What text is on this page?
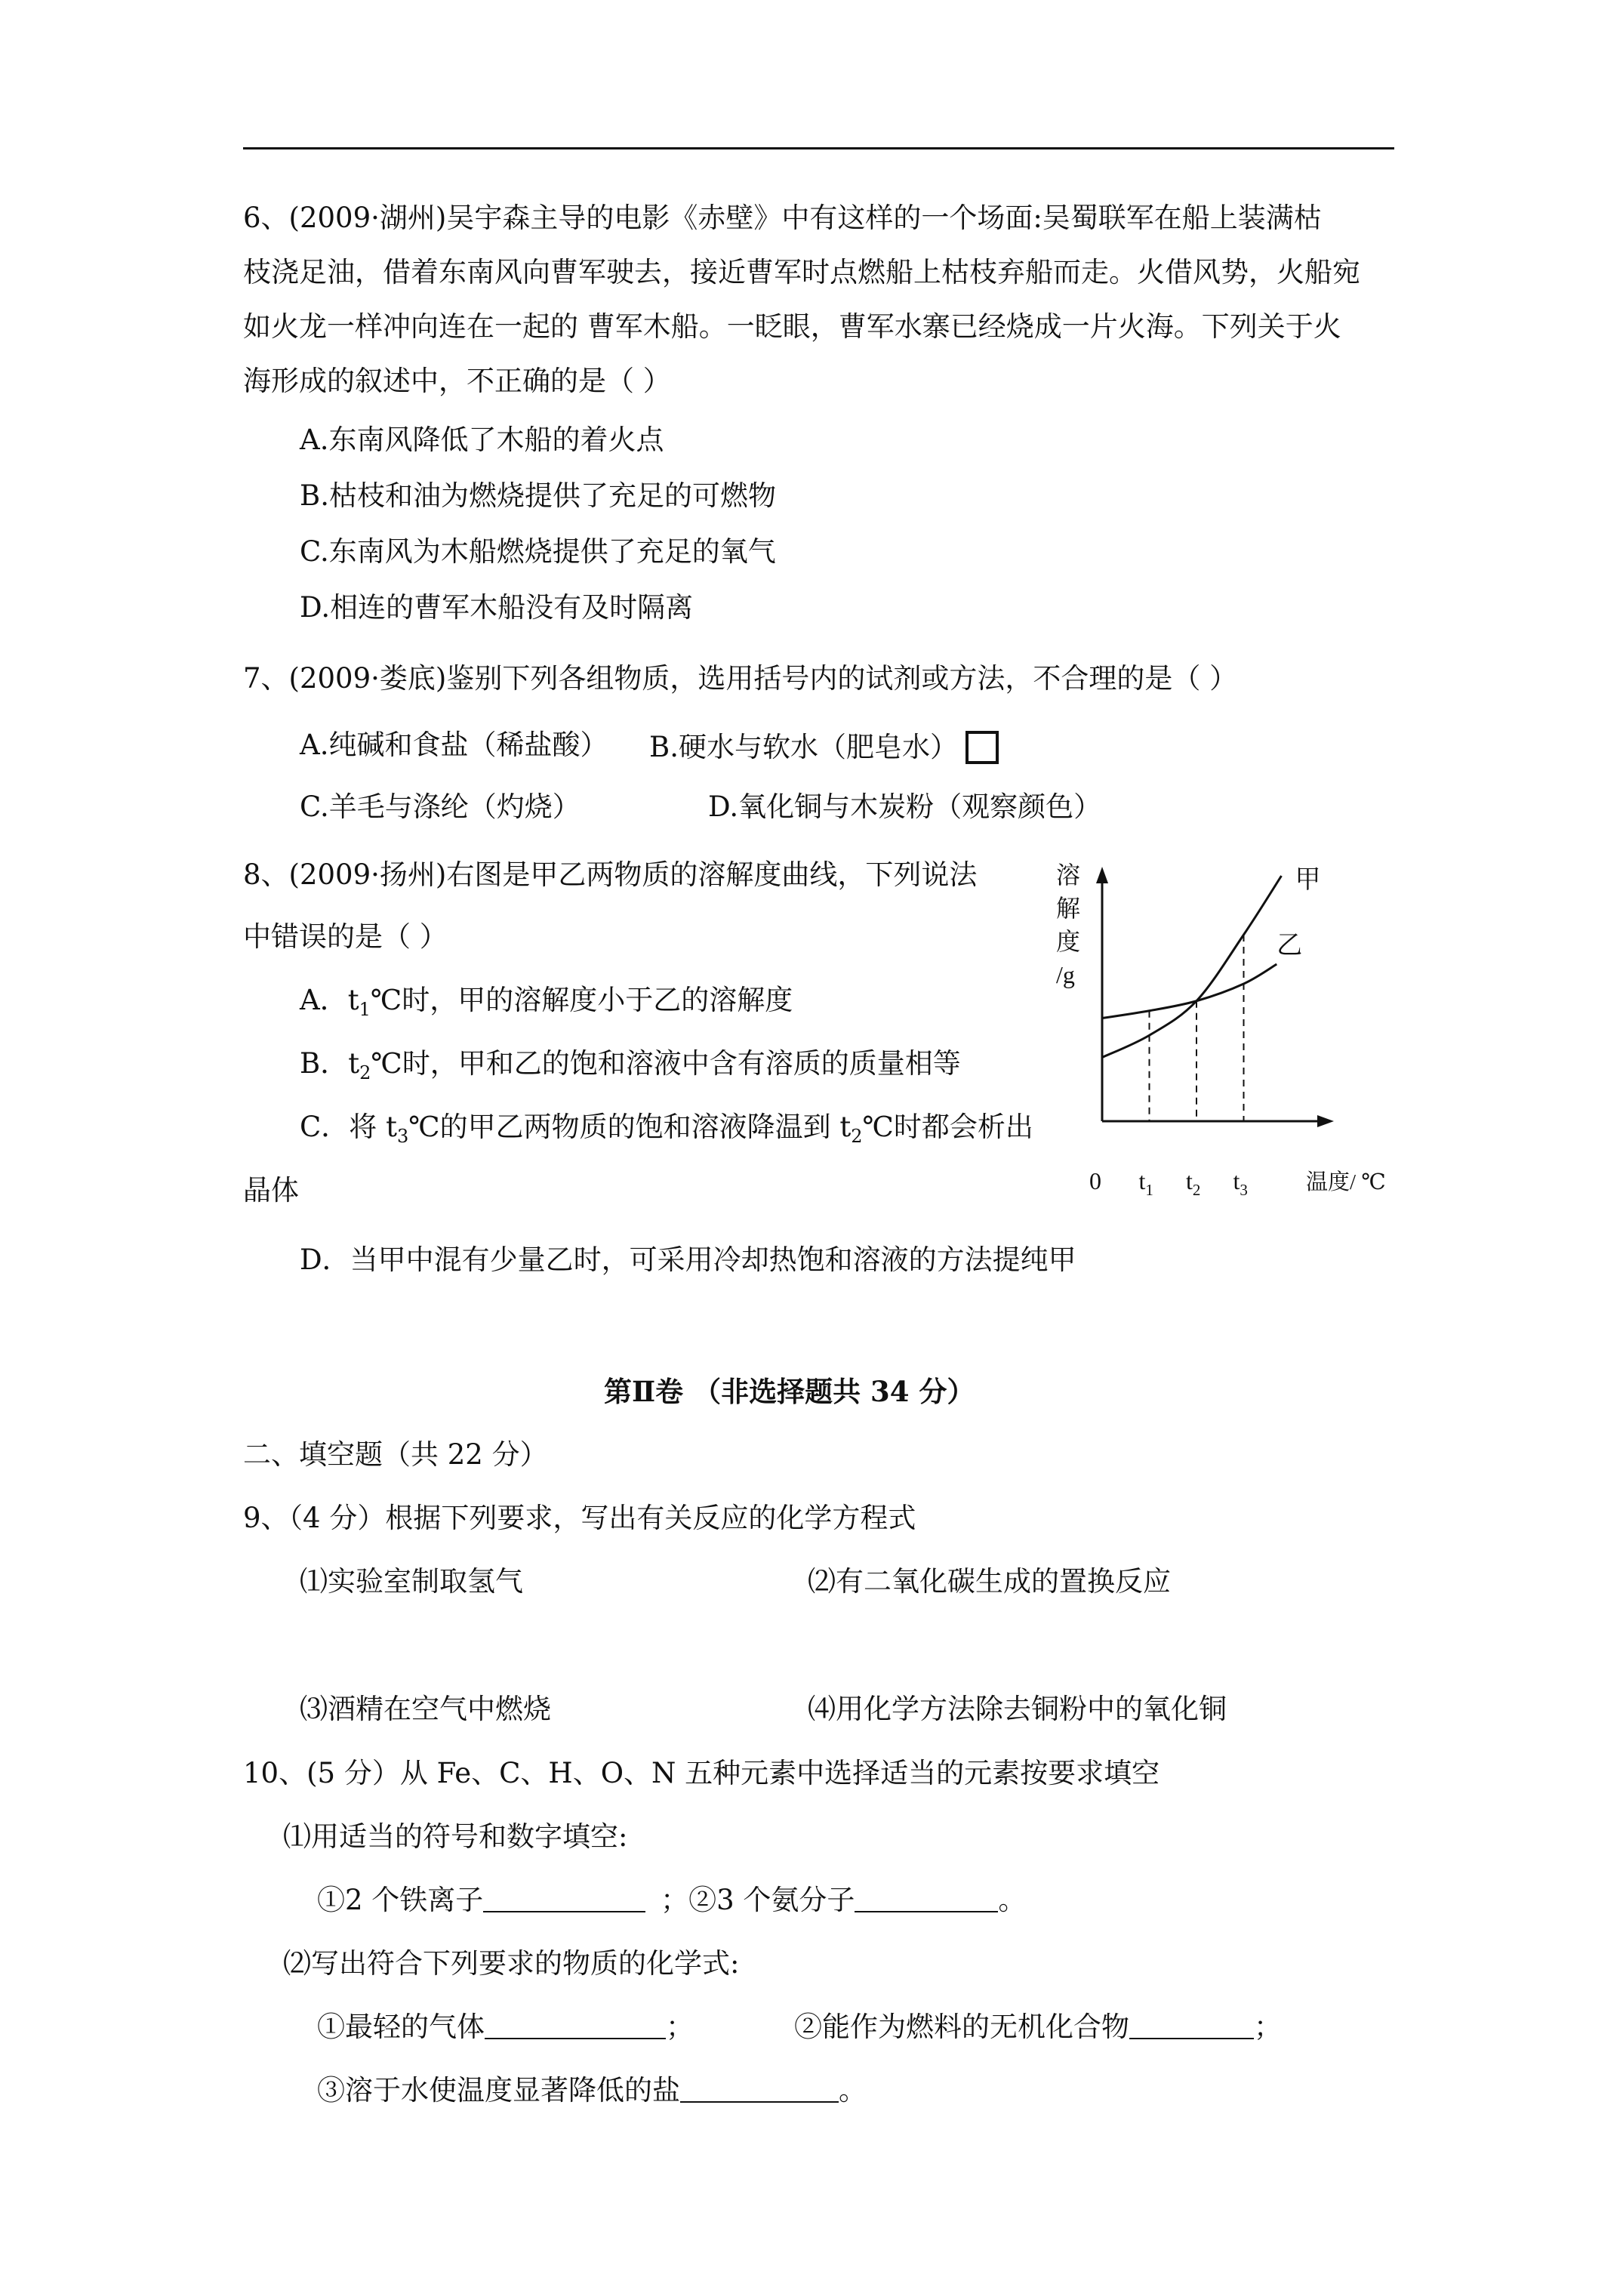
6、(2009·湖州)吴宇森主导的电影《赤壁》中有这样的一个场面:吴蜀联军在船上装满枯
枝浇足油，借着东南风向曹军驶去，接近曹军时点燃船上枯枝弃船而走。火借风势，火船宛
如火龙一样冲向连在一起的 曹军木船。一眨眼，曹军水寨已经烧成一片火海。下列关于火
海形成的叙述中，不正确的是（ ）
A.东南风降低了木船的着火点
B.枯枝和油为燃烧提供了充足的可燃物
C.东南风为木船燃烧提供了充足的氧气
D.相连的曹军木船没有及时隔离
7、(2009·娄底)鉴别下列各组物质，选用括号内的试剂或方法，不合理的是（ ）
A.纯碱和食盐（稀盐酸） B.硬水与软水（肥皂水）
C.羊毛与涤纶（灼烧）	D.氧化铜与木炭粉（观察颜色）
8、(2009·扬州)右图是甲乙两物质的溶解度曲线，下列说法
中错误的是（ ）
A．$t_1℃$时，甲的溶解度小于乙的溶解度
B．$t_2℃$时，甲和乙的饱和溶液中含有溶质的质量相等
C．将 $t_3℃$的甲乙两物质的饱和溶液降温到 $t_2℃$时都会析出
晶体
D．当甲中混有少量乙时，可采用冷却热饱和溶液的方法提纯甲
溶
解
度
/g
甲
乙
$t_1$ $t_2$ $t_3$
0	温度/ ℃
第Ⅱ卷 （非选择题共 34 分）
二、填空题（共 22 分）
9、（4 分）根据下列要求，写出有关反应的化学方程式
⑴实验室制取氢气	⑵有二氧化碳生成的置换反应
⑶酒精在空气中燃烧	⑷用化学方法除去铜粉中的氧化铜
10、(5 分）从 Fe、C、H、O、N 五种元素中选择适当的元素按要求填空
⑴用适当的符号和数字填空:
①2 个铁离子	；②3 个氨分子	。
⑵写出符合下列要求的物质的化学式:
①最轻的气体	；	②能作为燃料的无机化合物	；
③溶于水使温度显著降低的盐	。
